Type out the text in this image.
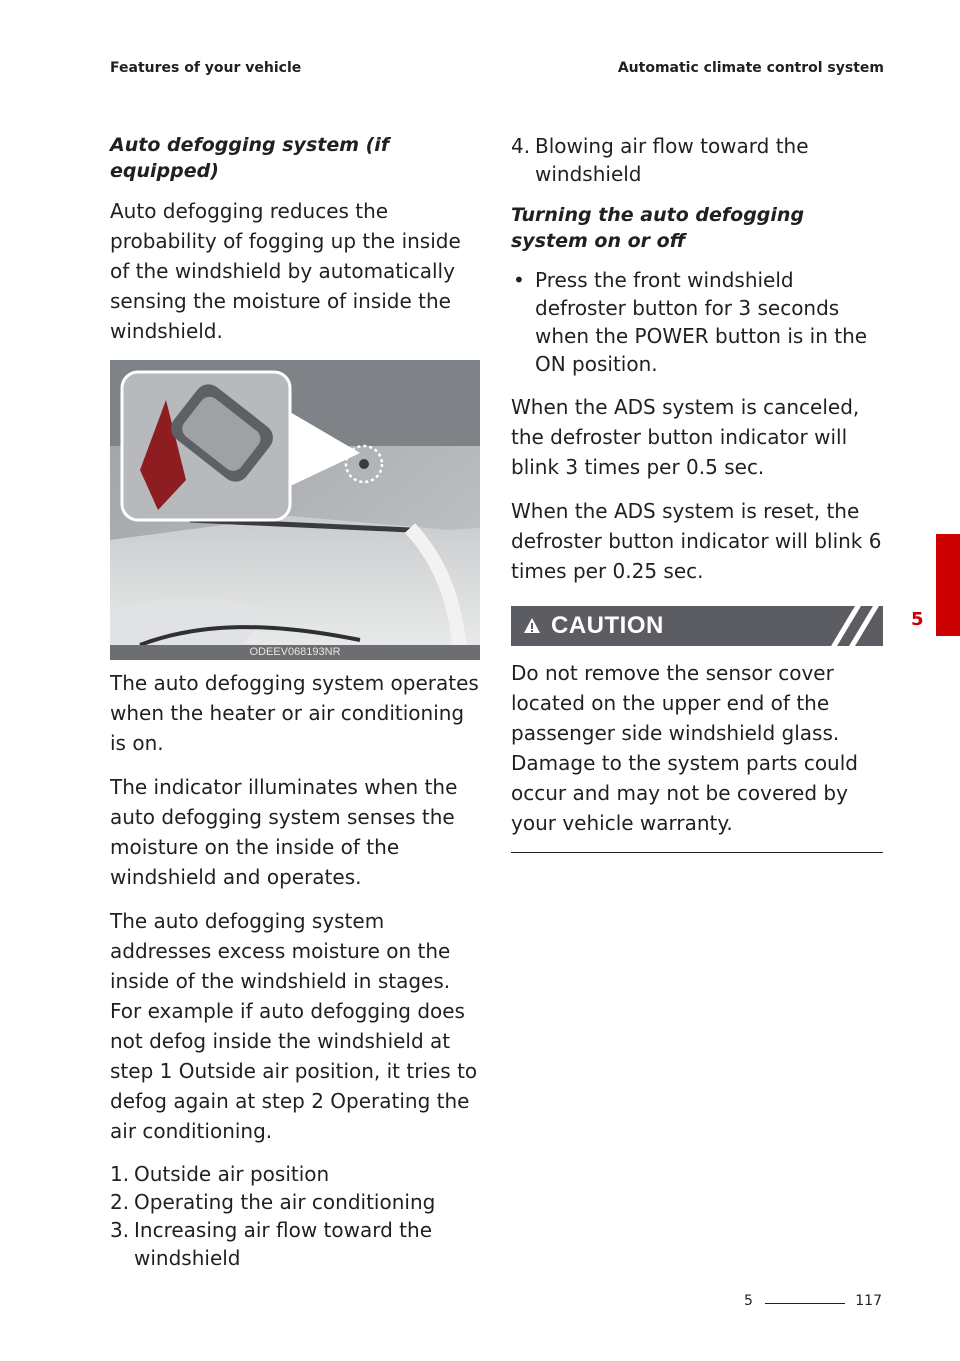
Features of your vehicle	Automatic climate control system
Auto defogging system (if equipped)

Auto defogging reduces the probability of fogging up the inside of the windshield by automatically sensing the moisture of inside the windshield.

ODEEV068193NR

The auto defogging system operates when the heater or air conditioning is on.

The indicator illuminates when the auto defogging system senses the moisture on the inside of the windshield and operates.

The auto defogging system addresses excess moisture on the inside of the windshield in stages. For example if auto defogging does not defog inside the windshield at step 1 Outside air position, it tries to defog again at step 2 Operating the air conditioning.

1. Outside air position
2. Operating the air conditioning
3. Increasing air flow toward the windshield
4. Blowing air flow toward the windshield
Turning the auto defogging system on or off
• Press the front windshield defroster button for 3 seconds when the POWER button is in the ON position.

When the ADS system is canceled, the defroster button indicator will blink 3 times per 0.5 sec.

When the ADS system is reset, the defroster button indicator will blink 6 times per 0.25 sec.

CAUTION

Do not remove the sensor cover located on the upper end of the passenger side windshield glass. Damage to the system parts could occur and may not be covered by your vehicle warranty.

5
5	117
